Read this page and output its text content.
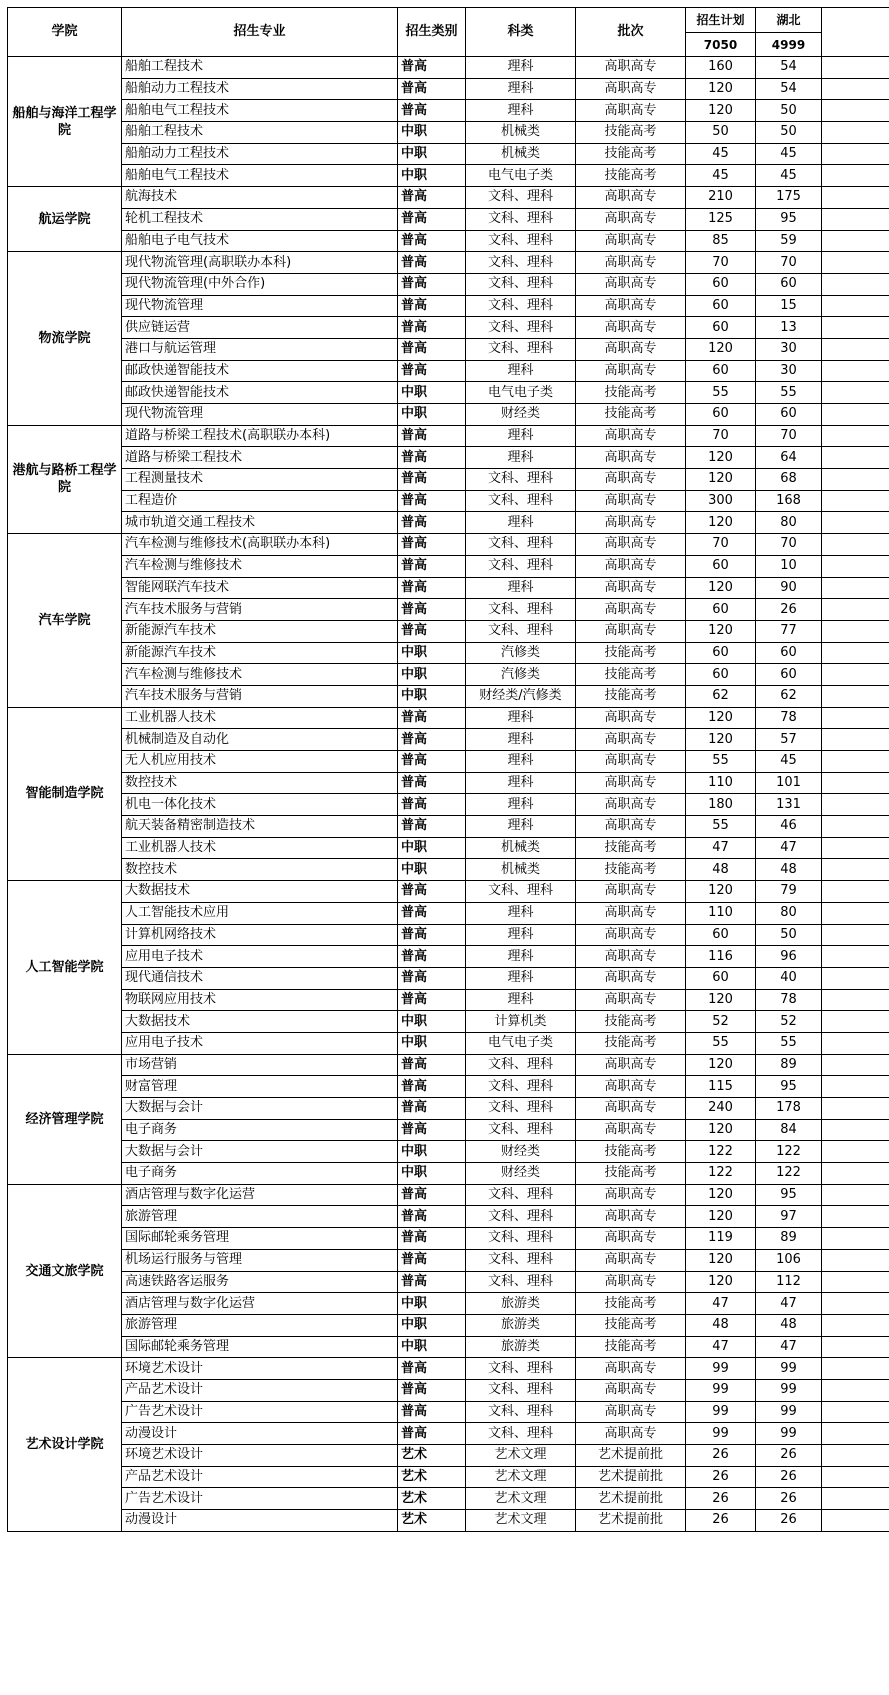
学院	招生专业	招生类别	科类	批次	招生计划	湖北	
					7050	4999	
船舶与海洋工程学院	船舶工程技术	普高	理科	高职高专	160	54	
	船舶动力工程技术	普高	理科	高职高专	120	54	
	船舶电气工程技术	普高	理科	高职高专	120	50	
	船舶工程技术	中职	机械类	技能高考	50	50	
	船舶动力工程技术	中职	机械类	技能高考	45	45	
	船舶电气工程技术	中职	电气电子类	技能高考	45	45	
航运学院	航海技术	普高	文科、理科	高职高专	210	175	
	轮机工程技术	普高	文科、理科	高职高专	125	95	
	船舶电子电气技术	普高	文科、理科	高职高专	85	59	
物流学院	现代物流管理(高职联办本科)	普高	文科、理科	高职高专	70	70	
	现代物流管理(中外合作)	普高	文科、理科	高职高专	60	60	
	现代物流管理	普高	文科、理科	高职高专	60	15	
	供应链运营	普高	文科、理科	高职高专	60	13	
	港口与航运管理	普高	文科、理科	高职高专	120	30	
	邮政快递智能技术	普高	理科	高职高专	60	30	
	邮政快递智能技术	中职	电气电子类	技能高考	55	55	
	现代物流管理	中职	财经类	技能高考	60	60	
港航与路桥工程学院	道路与桥梁工程技术(高职联办本科)	普高	理科	高职高专	70	70	
	道路与桥梁工程技术	普高	理科	高职高专	120	64	
	工程测量技术	普高	文科、理科	高职高专	120	68	
	工程造价	普高	文科、理科	高职高专	300	168	
	城市轨道交通工程技术	普高	理科	高职高专	120	80	
汽车学院	汽车检测与维修技术(高职联办本科)	普高	文科、理科	高职高专	70	70	
	汽车检测与维修技术	普高	文科、理科	高职高专	60	10	
	智能网联汽车技术	普高	理科	高职高专	120	90	
	汽车技术服务与营销	普高	文科、理科	高职高专	60	26	
	新能源汽车技术	普高	文科、理科	高职高专	120	77	
	新能源汽车技术	中职	汽修类	技能高考	60	60	
	汽车检测与维修技术	中职	汽修类	技能高考	60	60	
	汽车技术服务与营销	中职	财经类/汽修类	技能高考	62	62	
智能制造学院	工业机器人技术	普高	理科	高职高专	120	78	
	机械制造及自动化	普高	理科	高职高专	120	57	
	无人机应用技术	普高	理科	高职高专	55	45	
	数控技术	普高	理科	高职高专	110	101	
	机电一体化技术	普高	理科	高职高专	180	131	
	航天装备精密制造技术	普高	理科	高职高专	55	46	
	工业机器人技术	中职	机械类	技能高考	47	47	
	数控技术	中职	机械类	技能高考	48	48	
人工智能学院	大数据技术	普高	文科、理科	高职高专	120	79	
	人工智能技术应用	普高	理科	高职高专	110	80	
	计算机网络技术	普高	理科	高职高专	60	50	
	应用电子技术	普高	理科	高职高专	116	96	
	现代通信技术	普高	理科	高职高专	60	40	
	物联网应用技术	普高	理科	高职高专	120	78	
	大数据技术	中职	计算机类	技能高考	52	52	
	应用电子技术	中职	电气电子类	技能高考	55	55	
经济管理学院	市场营销	普高	文科、理科	高职高专	120	89	
	财富管理	普高	文科、理科	高职高专	115	95	
	大数据与会计	普高	文科、理科	高职高专	240	178	
	电子商务	普高	文科、理科	高职高专	120	84	
	大数据与会计	中职	财经类	技能高考	122	122	
	电子商务	中职	财经类	技能高考	122	122	
交通文旅学院	酒店管理与数字化运营	普高	文科、理科	高职高专	120	95	
	旅游管理	普高	文科、理科	高职高专	120	97	
	国际邮轮乘务管理	普高	文科、理科	高职高专	119	89	
	机场运行服务与管理	普高	文科、理科	高职高专	120	106	
	高速铁路客运服务	普高	文科、理科	高职高专	120	112	
	酒店管理与数字化运营	中职	旅游类	技能高考	47	47	
	旅游管理	中职	旅游类	技能高考	48	48	
	国际邮轮乘务管理	中职	旅游类	技能高考	47	47	
艺术设计学院	环境艺术设计	普高	文科、理科	高职高专	99	99	
	产品艺术设计	普高	文科、理科	高职高专	99	99	
	广告艺术设计	普高	文科、理科	高职高专	99	99	
	动漫设计	普高	文科、理科	高职高专	99	99	
	环境艺术设计	艺术	艺术文理	艺术提前批	26	26	
	产品艺术设计	艺术	艺术文理	艺术提前批	26	26	
	广告艺术设计	艺术	艺术文理	艺术提前批	26	26	
	动漫设计	艺术	艺术文理	艺术提前批	26	26	
